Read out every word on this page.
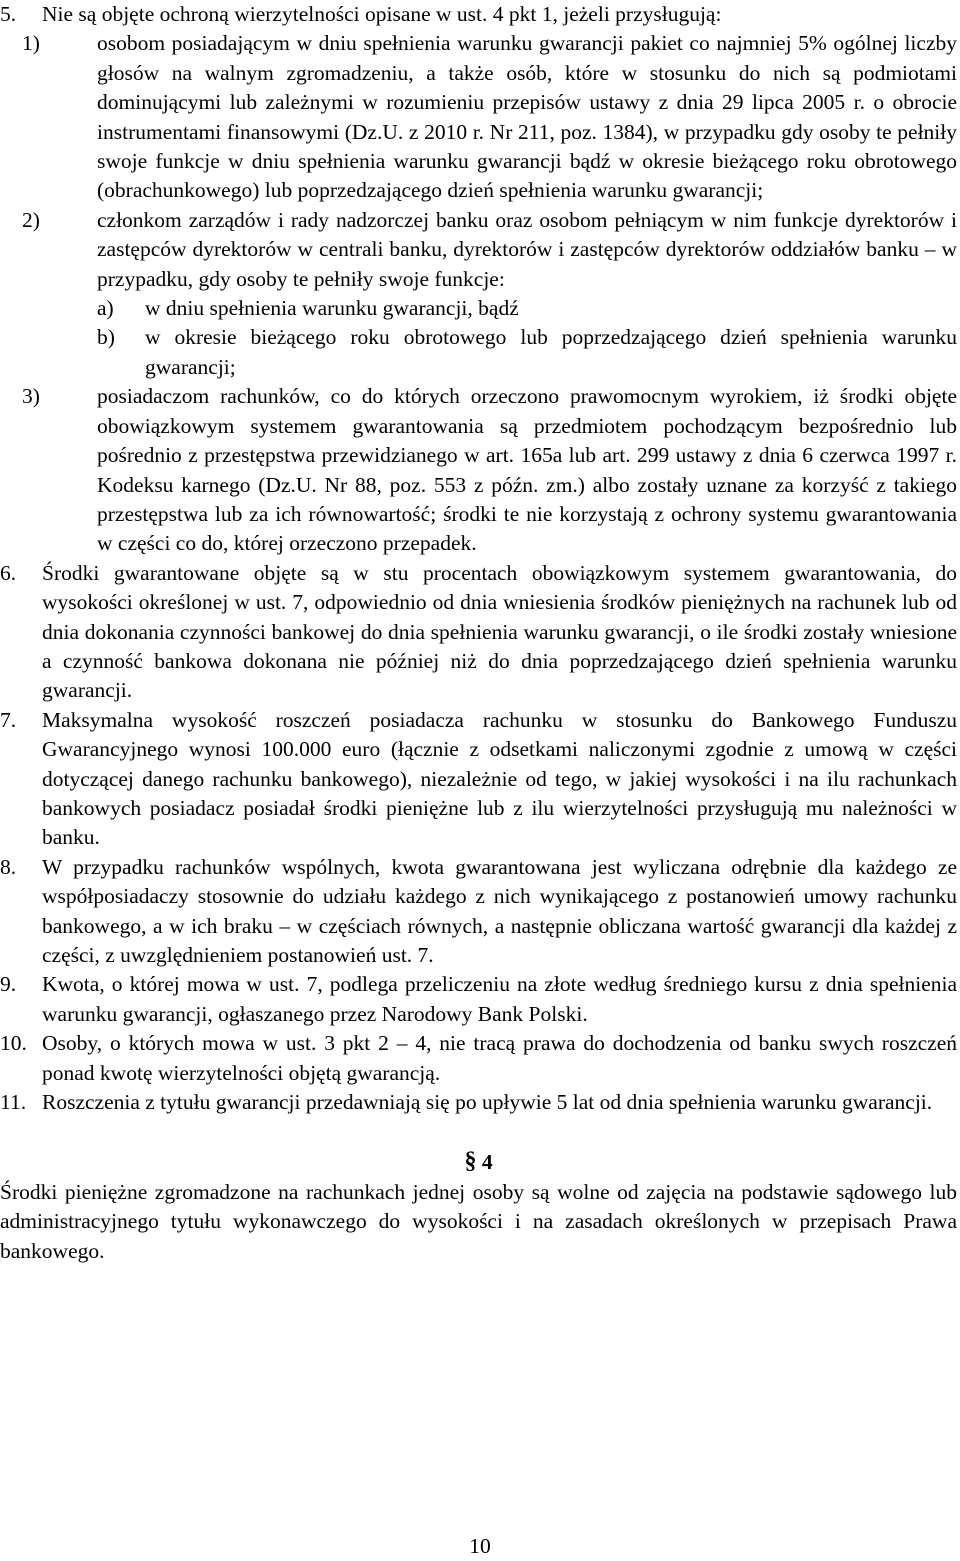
5. Nie są objęte ochroną wierzytelności opisane w ust. 4 pkt 1, jeżeli przysługują:
1)	osobom posiadającym w dniu spełnienia warunku gwarancji pakiet co najmniej 5% ogólnej liczby głosów na walnym zgromadzeniu, a także osób, które w stosunku do nich są podmiotami dominującymi lub zależnymi w rozumieniu przepisów ustawy z dnia 29 lipca 2005 r. o obrocie instrumentami finansowymi (Dz.U. z 2010 r. Nr 211, poz. 1384), w przypadku gdy osoby te pełniły swoje funkcje w dniu spełnienia warunku gwarancji bądź w okresie bieżącego roku obrotowego (obrachunkowego) lub poprzedzającego dzień spełnienia warunku gwarancji;
2)	członkom zarządów i rady nadzorczej banku oraz osobom pełniącym w nim funkcje dyrektorów i zastępców dyrektorów w centrali banku, dyrektorów i zastępców dyrektorów oddziałów banku – w przypadku, gdy osoby te pełniły swoje funkcje:
a) w dniu spełnienia warunku gwarancji, bądź
b) w okresie bieżącego roku obrotowego lub poprzedzającego dzień spełnienia warunku gwarancji;
3)	posiadaczom rachunków, co do których orzeczono prawomocnym wyrokiem, iż środki objęte obowiązkowym systemem gwarantowania są przedmiotem pochodzącym bezpośrednio lub pośrednio z przestępstwa przewidzianego w art. 165a lub art. 299 ustawy z dnia 6 czerwca 1997 r. Kodeksu karnego (Dz.U. Nr 88, poz. 553 z późn. zm.) albo zostały uznane za korzyść z takiego przestępstwa lub za ich równowartość; środki te nie korzystają z ochrony systemu gwarantowania w części co do, której orzeczono przepadek.
6. Środki gwarantowane objęte są w stu procentach obowiązkowym systemem gwarantowania, do wysokości określonej w ust. 7, odpowiednio od dnia wniesienia środków pieniężnych na rachunek lub od dnia dokonania czynności bankowej do dnia spełnienia warunku gwarancji, o ile środki zostały wniesione a czynność bankowa dokonana nie później niż do dnia poprzedzającego dzień spełnienia warunku gwarancji.
7. Maksymalna wysokość roszczeń posiadacza rachunku w stosunku do Bankowego Funduszu Gwarancyjnego wynosi 100.000 euro (łącznie z odsetkami naliczonymi zgodnie z umową w części dotyczącej danego rachunku bankowego), niezależnie od tego, w jakiej wysokości i na ilu rachunkach bankowych posiadacz posiadał środki pieniężne lub z ilu wierzytelności przysługują mu należności w banku.
8. W przypadku rachunków wspólnych, kwota gwarantowana jest wyliczana odrębnie dla każdego ze współposiadaczy stosownie do udziału każdego z nich wynikającego z postanowień umowy rachunku bankowego, a w ich braku – w częściach równych, a następnie obliczana wartość gwarancji dla każdej z części, z uwzględnieniem postanowień ust. 7.
9. Kwota, o której mowa w ust. 7, podlega przeliczeniu na złote według średniego kursu z dnia spełnienia warunku gwarancji, ogłaszanego przez Narodowy Bank Polski.
10. Osoby, o których mowa w ust. 3 pkt 2 – 4, nie tracą prawa do dochodzenia od banku swych roszczeń ponad kwotę wierzytelności objętą gwarancją.
11. Roszczenia z tytułu gwarancji przedawniają się po upływie 5 lat od dnia spełnienia warunku gwarancji.
§ 4
Środki pieniężne zgromadzone na rachunkach jednej osoby są wolne od zajęcia na podstawie sądowego lub administracyjnego tytułu wykonawczego do wysokości i na zasadach określonych w przepisach Prawa bankowego.
10
